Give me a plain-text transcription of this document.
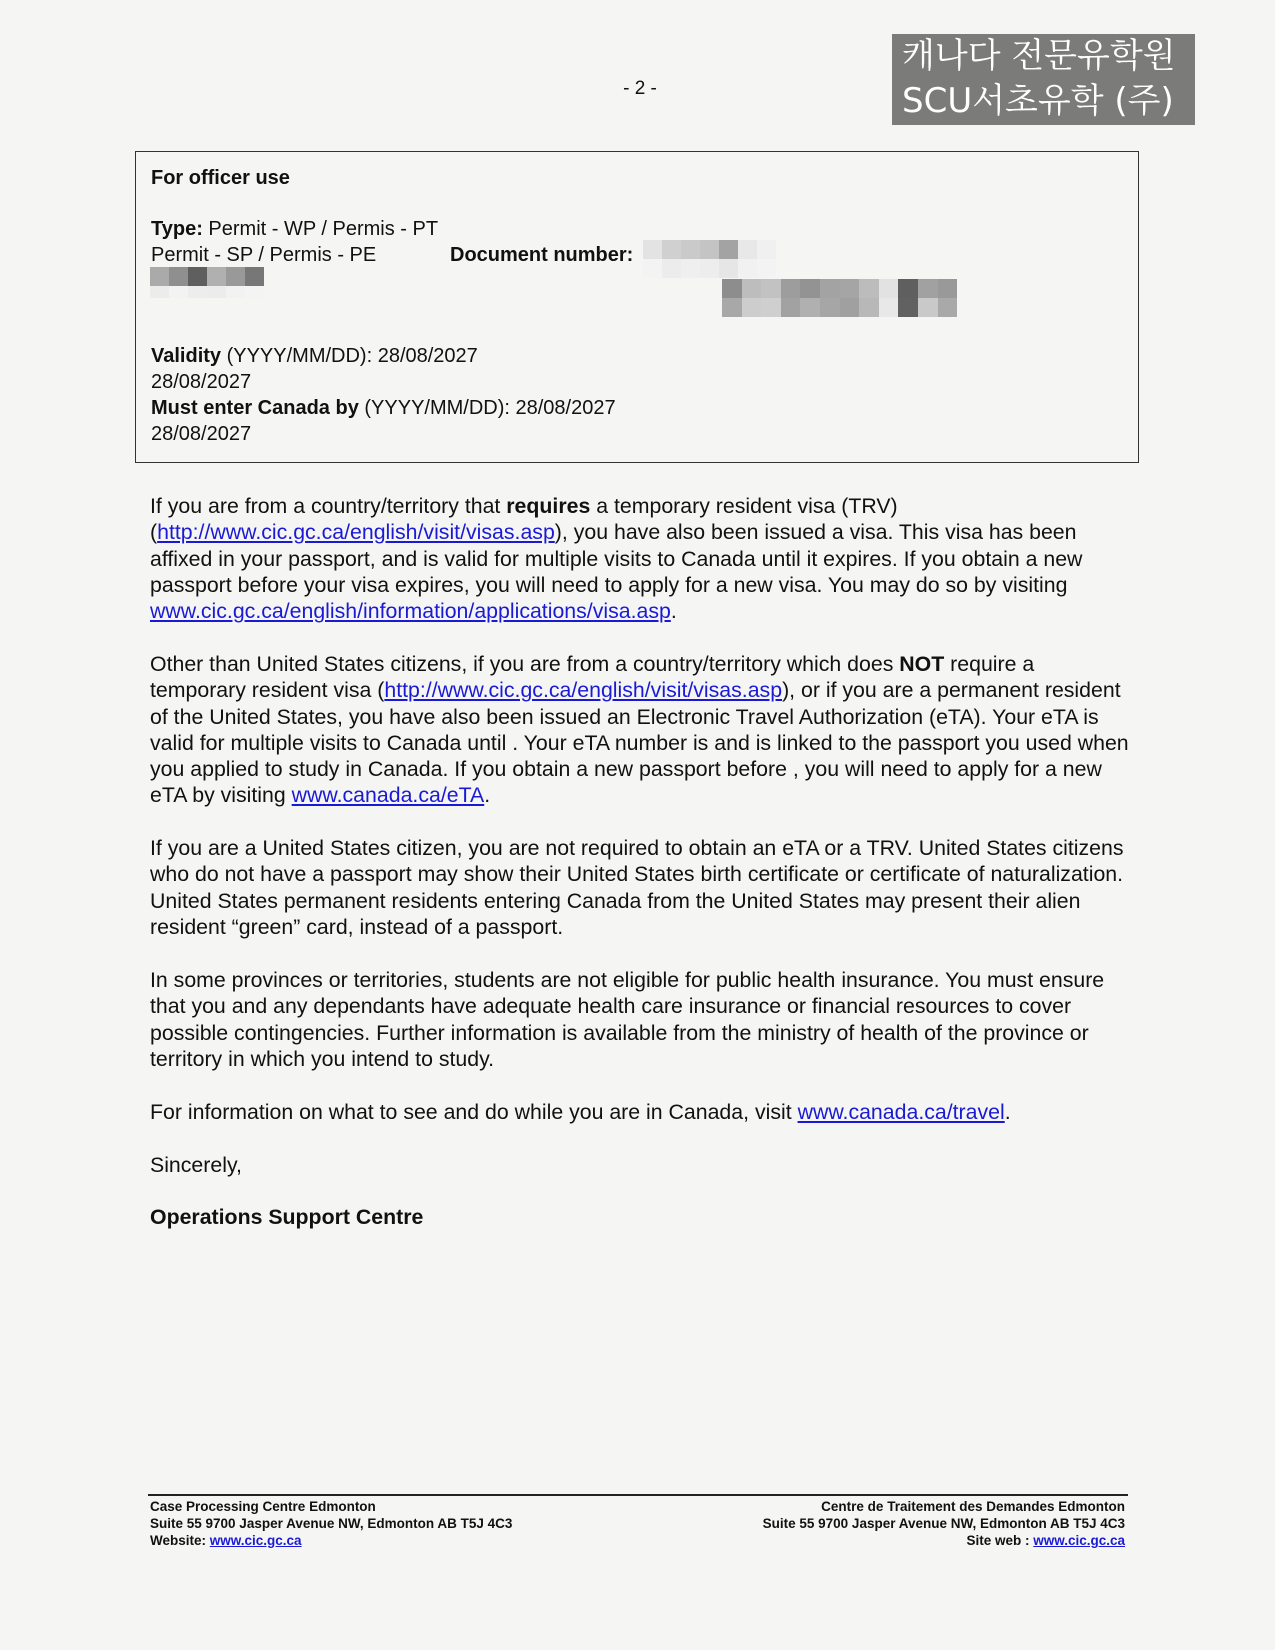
- 2 -
캐나다 전문유학원
SCU서초유학 (주)
For officer use
Type: Permit - WP / Permis - PT
Permit - SP / Permis - PE	Document number:
Validity (YYYY/MM/DD): 28/08/2027
28/08/2027
Must enter Canada by (YYYY/MM/DD): 28/08/2027
28/08/2027
If you are from a country/territory that requires a temporary resident visa (TRV) (http://www.cic.gc.ca/english/visit/visas.asp), you have also been issued a visa. This visa has been affixed in your passport, and is valid for multiple visits to Canada until it expires. If you obtain a new passport before your visa expires, you will need to apply for a new visa. You may do so by visiting www.cic.gc.ca/english/information/applications/visa.asp.
Other than United States citizens, if you are from a country/territory which does NOT require a temporary resident visa (http://www.cic.gc.ca/english/visit/visas.asp), or if you are a permanent resident of the United States, you have also been issued an Electronic Travel Authorization (eTA). Your eTA is valid for multiple visits to Canada until . Your eTA number is and is linked to the passport you used when you applied to study in Canada. If you obtain a new passport before , you will need to apply for a new eTA by visiting www.canada.ca/eTA.
If you are a United States citizen, you are not required to obtain an eTA or a TRV. United States citizens who do not have a passport may show their United States birth certificate or certificate of naturalization. United States permanent residents entering Canada from the United States may present their alien resident “green” card, instead of a passport.
In some provinces or territories, students are not eligible for public health insurance. You must ensure that you and any dependants have adequate health care insurance or financial resources to cover possible contingencies. Further information is available from the ministry of health of the province or territory in which you intend to study.
For information on what to see and do while you are in Canada, visit www.canada.ca/travel.
Sincerely,
Operations Support Centre
Case Processing Centre Edmonton
Suite 55 9700 Jasper Avenue NW, Edmonton AB T5J 4C3
Website: www.cic.gc.ca
Centre de Traitement des Demandes Edmonton
Suite 55 9700 Jasper Avenue NW, Edmonton AB T5J 4C3
Site web : www.cic.gc.ca
